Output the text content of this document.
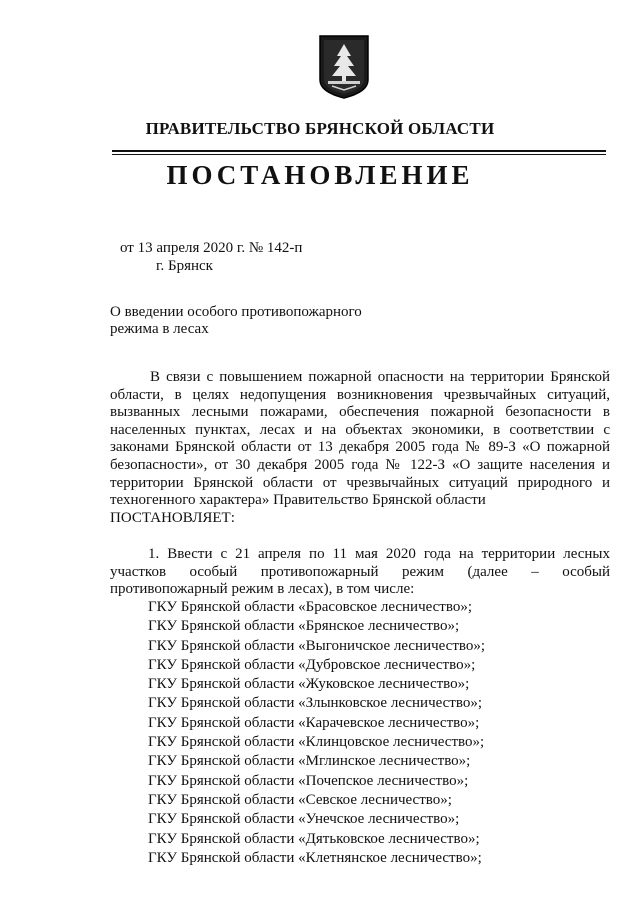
ПРАВИТЕЛЬСТВО БРЯНСКОЙ ОБЛАСТИ
ПОСТАНОВЛЕНИЕ
от 13 апреля 2020 г. № 142-п
г. Брянск
О введении особого противопожарного
режима в лесах
В связи с повышением пожарной опасности на территории Брянской области, в целях недопущения возникновения чрезвычайных ситуаций, вызванных лесными пожарами, обеспечения пожарной безопасности в населенных пунктах, лесах и на объектах экономики, в соответствии с законами Брянской области от 13 декабря 2005 года № 89-З «О пожарной безопасности», от 30 декабря 2005 года № 122-З «О защите населения и территории Брянской области от чрезвычайных ситуаций природного и техногенного характера» Правительство Брянской области
ПОСТАНОВЛЯЕТ:
1. Ввести с 21 апреля по 11 мая 2020 года на территории лесных участков особый противопожарный режим (далее – особый противопожарный режим в лесах), в том числе:
ГКУ Брянской области «Брасовское лесничество»;
ГКУ Брянской области «Брянское лесничество»;
ГКУ Брянской области «Выгоничское лесничество»;
ГКУ Брянской области «Дубровское лесничество»;
ГКУ Брянской области «Жуковское лесничество»;
ГКУ Брянской области «Злынковское лесничество»;
ГКУ Брянской области «Карачевское лесничество»;
ГКУ Брянской области «Клинцовское лесничество»;
ГКУ Брянской области «Мглинское лесничество»;
ГКУ Брянской области «Почепское лесничество»;
ГКУ Брянской области «Севское лесничество»;
ГКУ Брянской области «Унечское лесничество»;
ГКУ Брянской области «Дятьковское лесничество»;
ГКУ Брянской области «Клетнянское лесничество»;
